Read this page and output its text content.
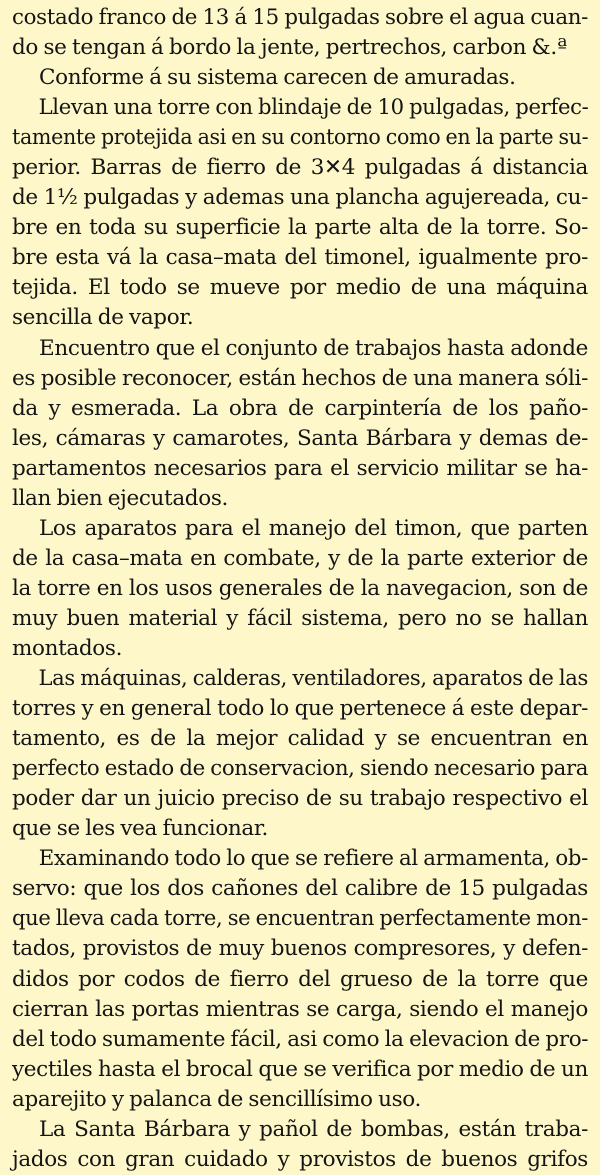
costado franco de 13 á 15 pulgadas sobre el agua cuan-
do se tengan á bordo la jente, pertrechos, carbon &.ª
Conforme á su sistema carecen de amuradas.
Llevan una torre con blindaje de 10 pulgadas, perfec-
tamente protejida asi en su contorno como en la parte su-
perior. Barras de fierro de 3✕4 pulgadas á distancia
de 1½ pulgadas y ademas una plancha agujereada, cu-
bre en toda su superficie la parte alta de la torre. So-
bre esta vá la casa–mata del timonel, igualmente pro-
tejida. El todo se mueve por medio de una máquina
sencilla de vapor.
Encuentro que el conjunto de trabajos hasta adonde
es posible reconocer, están hechos de una manera sóli-
da y esmerada. La obra de carpintería de los paño-
les, cámaras y camarotes, Santa Bárbara y demas de-
partamentos necesarios para el servicio militar se ha-
llan bien ejecutados.
Los aparatos para el manejo del timon, que parten
de la casa–mata en combate, y de la parte exterior de
la torre en los usos generales de la navegacion, son de
muy buen material y fácil sistema, pero no se hallan
montados.
Las máquinas, calderas, ventiladores, aparatos de las
torres y en general todo lo que pertenece á este depar-
tamento, es de la mejor calidad y se encuentran en
perfecto estado de conservacion, siendo necesario para
poder dar un juicio preciso de su trabajo respectivo el
que se les vea funcionar.
Examinando todo lo que se refiere al armamenta, ob-
servo: que los dos cañones del calibre de 15 pulgadas
que lleva cada torre, se encuentran perfectamente mon-
tados, provistos de muy buenos compresores, y defen-
didos por codos de fierro del grueso de la torre que
cierran las portas mientras se carga, siendo el manejo
del todo sumamente fácil, asi como la elevacion de pro-
yectiles hasta el brocal que se verifica por medio de un
aparejito y palanca de sencillísimo uso.
La Santa Bárbara y pañol de bombas, están traba-
jados con gran cuidado y provistos de buenos grifos
